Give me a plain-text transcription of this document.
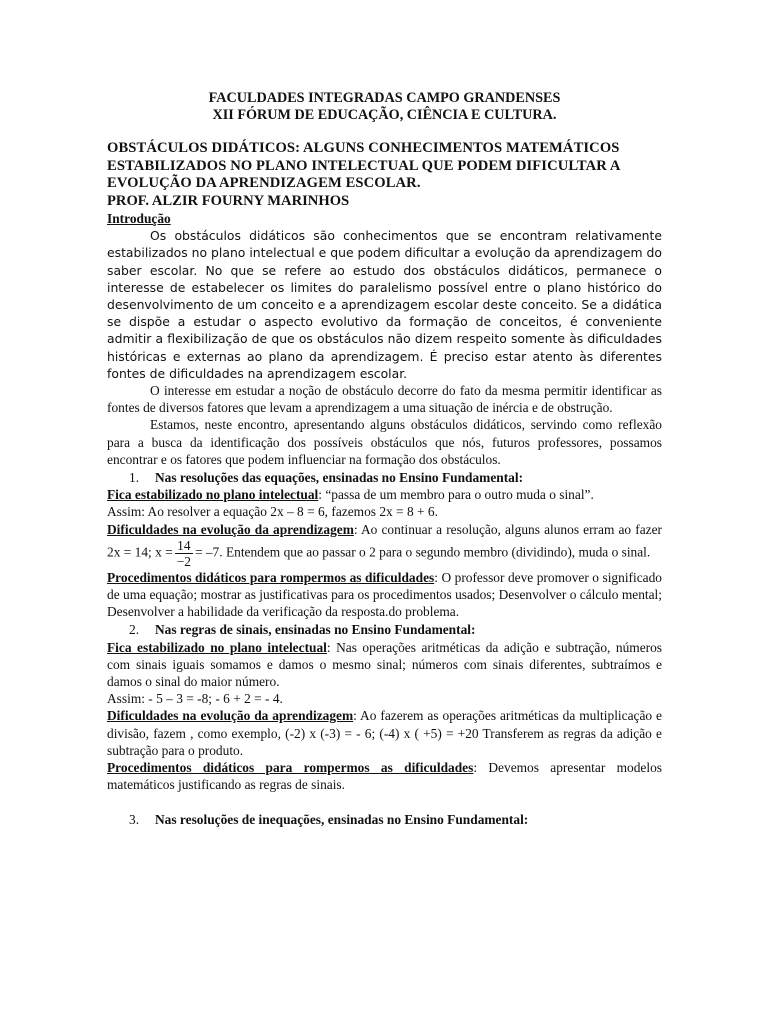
FACULDADES INTEGRADAS CAMPO GRANDENSES
XII FÓRUM DE EDUCAÇÃO, CIÊNCIA E CULTURA.
OBSTÁCULOS DIDÁTICOS: ALGUNS CONHECIMENTOS MATEMÁTICOS ESTABILIZADOS NO PLANO INTELECTUAL QUE PODEM DIFICULTAR A EVOLUÇÃO DA APRENDIZAGEM ESCOLAR.
PROF. ALZIR FOURNY MARINHOS
Introdução

Os obstáculos didáticos são conhecimentos que se encontram relativamente estabilizados no plano intelectual e que podem dificultar a evolução da aprendizagem do saber escolar. No que se refere ao estudo dos obstáculos didáticos, permanece o interesse de estabelecer os limites do paralelismo possível entre o plano histórico do desenvolvimento de um conceito e a aprendizagem escolar deste conceito. Se a didática se dispõe a estudar o aspecto evolutivo da formação de conceitos, é conveniente admitir a flexibilização de que os obstáculos não dizem respeito somente às dificuldades históricas e externas ao plano da aprendizagem. É preciso estar atento às diferentes fontes de dificuldades na aprendizagem escolar.

O interesse em estudar a noção de obstáculo decorre do fato da mesma permitir identificar as fontes de diversos fatores que levam a aprendizagem a uma situação de inércia e de obstrução.

Estamos, neste encontro, apresentando alguns obstáculos didáticos, servindo como reflexão para a busca da identificação dos possíveis obstáculos que nós, futuros professores, possamos encontrar e os fatores que podem influenciar na formação dos obstáculos.

1. Nas resoluções das equações, ensinadas no Ensino Fundamental:

Fica estabilizado no plano intelectual: “passa de um membro para o outro muda o sinal”.

Assim: Ao resolver a equação 2x – 8 = 6, fazemos 2x = 8 + 6.

Dificuldades na evolução da aprendizagem: Ao continuar a resolução, alguns alunos erram ao fazer 2x = 14; $x = \frac{14}{-2} = -7$. Entendem que ao passar o 2 para o segundo membro (dividindo), muda o sinal.

Procedimentos didáticos para rompermos as dificuldades: O professor deve promover o significado de uma equação; mostrar as justificativas para os procedimentos usados; Desenvolver o cálculo mental; Desenvolver a habilidade da verificação da resposta.do problema.

2. Nas regras de sinais, ensinadas no Ensino Fundamental:

Fica estabilizado no plano intelectual: Nas operações aritméticas da adição e subtração, números com sinais iguais somamos e damos o mesmo sinal; números com sinais diferentes, subtraímos e damos o sinal do maior número.

Assim: - 5 – 3 = -8; - 6 + 2 = - 4.

Dificuldades na evolução da aprendizagem: Ao fazerem as operações aritméticas da multiplicação e divisão, fazem , como exemplo, (-2) x (-3) = - 6; (-4) x ( +5) = +20 Transferem as regras da adição e subtração para o produto.

Procedimentos didáticos para rompermos as dificuldades: Devemos apresentar modelos matemáticos justificando as regras de sinais.

3. Nas resoluções de inequações, ensinadas no Ensino Fundamental:
